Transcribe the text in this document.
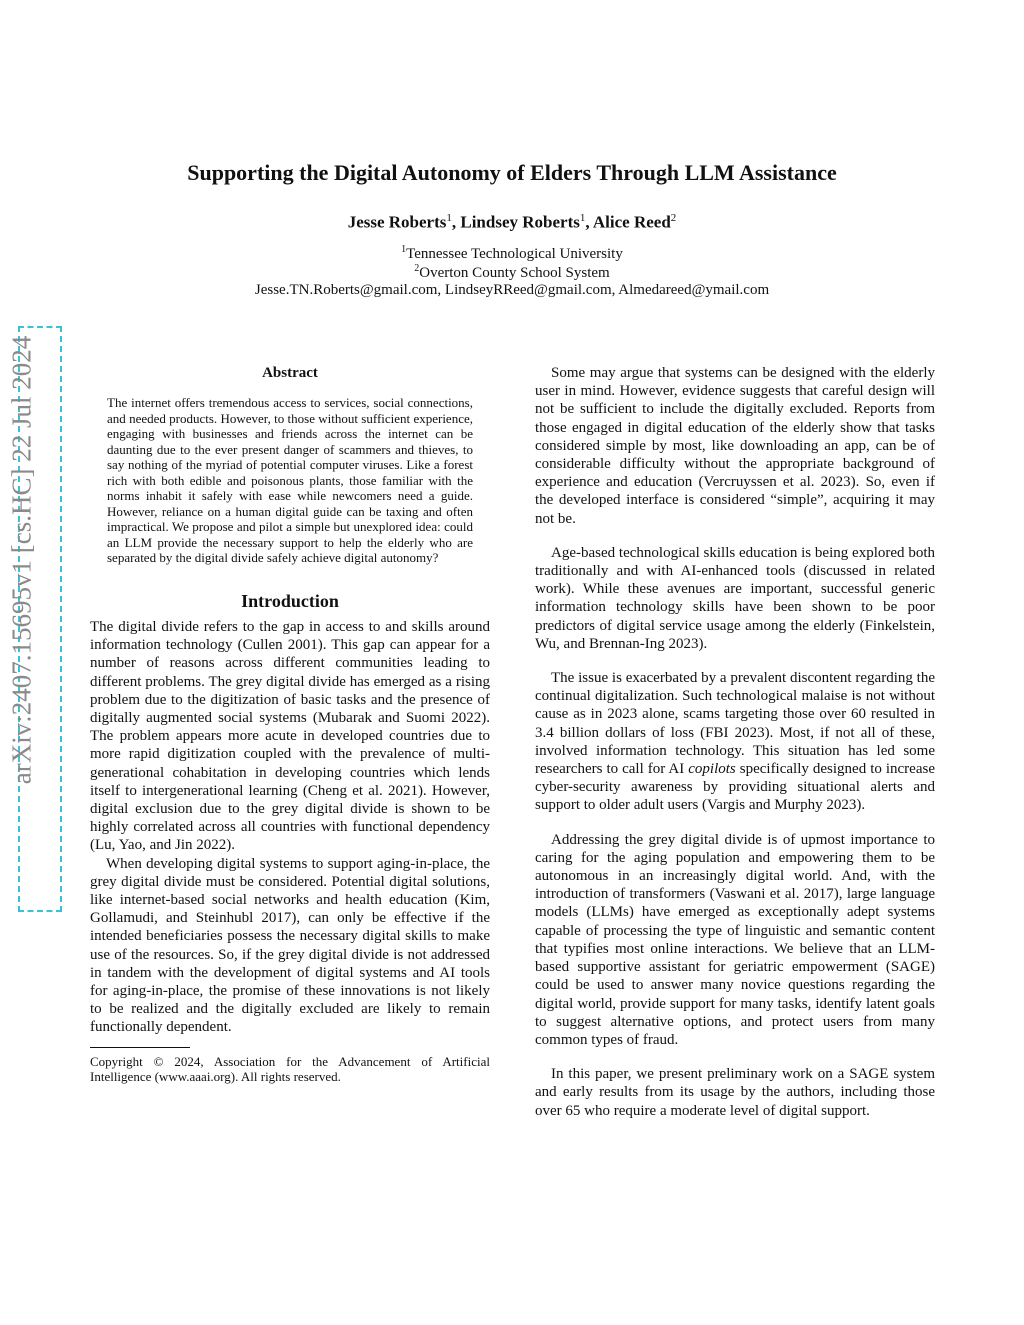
Supporting the Digital Autonomy of Elders Through LLM Assistance
Jesse Roberts$^1$, Lindsey Roberts$^1$, Alice Reed$^2$
$^1$Tennessee Technological University
$^2$Overton County School System
Jesse.TN.Roberts@gmail.com, LindseyRReed@gmail.com, Almedareed@ymail.com
arXiv:2407.15695v1 [cs.HC] 22 Jul 2024	Abstract
The internet offers tremendous access to services, social connections, and needed products. However, to those without sufficient experience, engaging with businesses and friends across the internet can be daunting due to the ever present danger of scammers and thieves, to say nothing of the myriad of potential computer viruses. Like a forest rich with both edible and poisonous plants, those familiar with the norms inhabit it safely with ease while newcomers need a guide. However, reliance on a human digital guide can be taxing and often impractical. We propose and pilot a simple but unexplored idea: could an LLM provide the necessary support to help the elderly who are separated by the digital divide safely achieve digital autonomy?
Introduction

The digital divide refers to the gap in access to and skills around information technology (Cullen 2001). This gap can appear for a number of reasons across different communities leading to different problems. The grey digital divide has emerged as a rising problem due to the digitization of basic tasks and the presence of digitally augmented social systems (Mubarak and Suomi 2022). The problem appears more acute in developed countries due to more rapid digitization coupled with the prevalence of multi-generational cohabitation in developing countries which lends itself to intergenerational learning (Cheng et al. 2021). However, digital exclusion due to the grey digital divide is shown to be highly correlated across all countries with functional dependency (Lu, Yao, and Jin 2022).

When developing digital systems to support aging-in-place, the grey digital divide must be considered. Potential digital solutions, like internet-based social networks and health education (Kim, Gollamudi, and Steinhubl 2017), can only be effective if the intended beneficiaries possess the necessary digital skills to make use of the resources. So, if the grey digital divide is not addressed in tandem with the development of digital systems and AI tools for aging-in-place, the promise of these innovations is not likely to be realized and the digitally excluded are likely to remain functionally dependent.

Copyright © 2024, Association for the Advancement of Artificial Intelligence (www.aaai.org). All rights reserved.

Some may argue that systems can be designed with the elderly user in mind. However, evidence suggests that careful design will not be sufficient to include the digitally excluded. Reports from those engaged in digital education of the elderly show that tasks considered simple by most, like downloading an app, can be of considerable difficulty without the appropriate background of experience and education (Vercruyssen et al. 2023). So, even if the developed interface is considered “simple”, acquiring it may not be.

Age-based technological skills education is being explored both traditionally and with AI-enhanced tools (discussed in related work). While these avenues are important, successful generic information technology skills have been shown to be poor predictors of digital service usage among the elderly (Finkelstein, Wu, and Brennan-Ing 2023).

The issue is exacerbated by a prevalent discontent regarding the continual digitalization. Such technological malaise is not without cause as in 2023 alone, scams targeting those over 60 resulted in 3.4 billion dollars of loss (FBI 2023). Most, if not all of these, involved information technology. This situation has led some researchers to call for AI copilots specifically designed to increase cyber-security awareness by providing situational alerts and support to older adult users (Vargis and Murphy 2023).

Addressing the grey digital divide is of upmost importance to caring for the aging population and empowering them to be autonomous in an increasingly digital world. And, with the introduction of transformers (Vaswani et al. 2017), large language models (LLMs) have emerged as exceptionally adept systems capable of processing the type of linguistic and semantic content that typifies most online interactions. We believe that an LLM-based supportive assistant for geriatric empowerment (SAGE) could be used to answer many novice questions regarding the digital world, provide support for many tasks, identify latent goals to suggest alternative options, and protect users from many common types of fraud.

In this paper, we present preliminary work on a SAGE system and early results from its usage by the authors, including those over 65 who require a moderate level of digital support.
